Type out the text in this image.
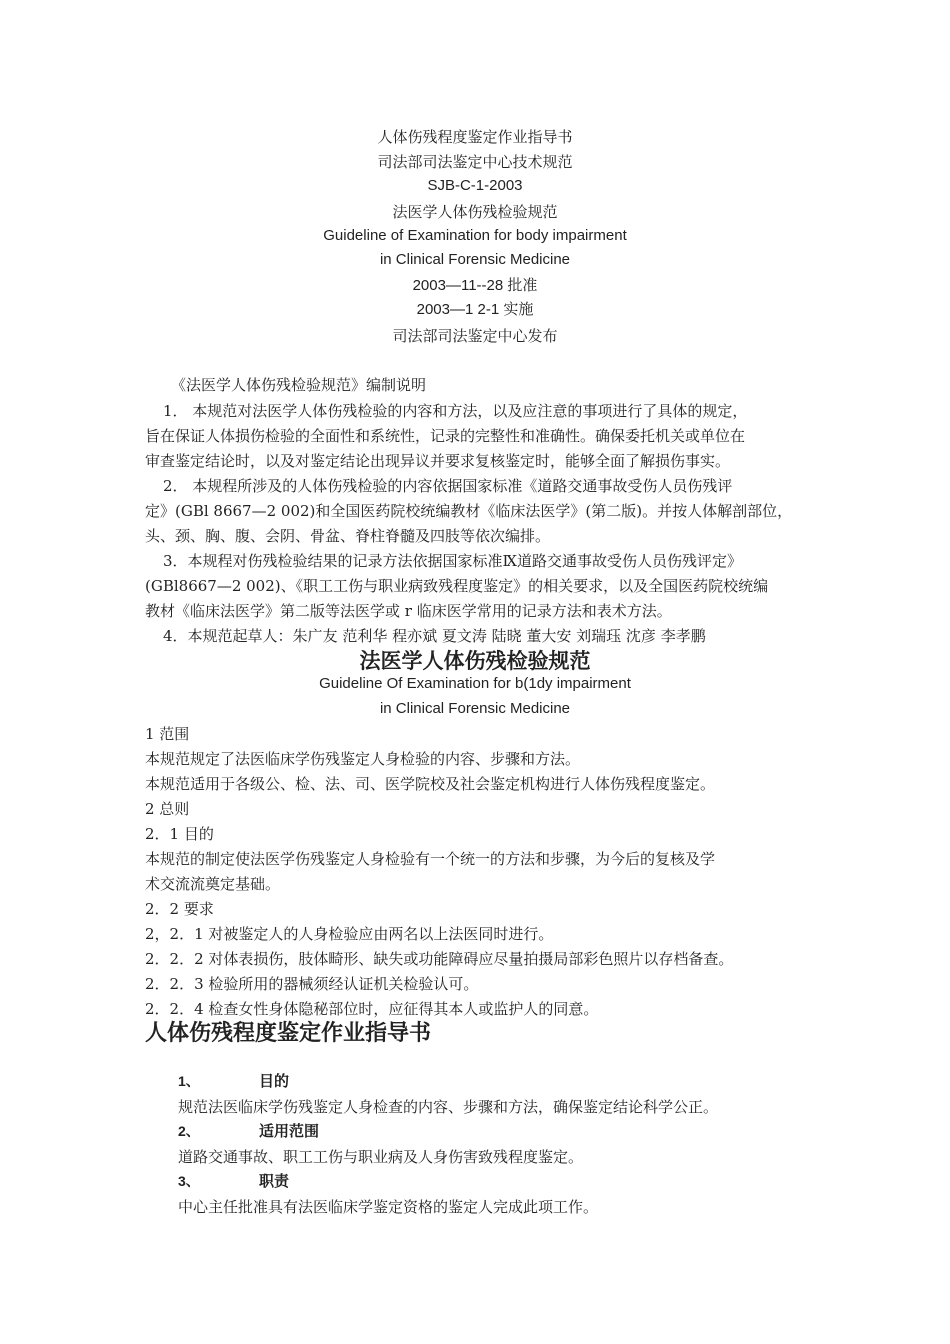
人体伤残程度鉴定作业指导书
司法部司法鉴定中心技术规范
SJB-C-1-2003
法医学人体伤残检验规范
Guideline of Examination for body impairment
in Clinical Forensic Medicine
2003—11--28 批准
2003—1 2-1 实施
司法部司法鉴定中心发布
《法医学人体伤残检验规范》编制说明
1． 本规范对法医学人体伤残检验的内容和方法，以及应注意的事项进行了具体的规定，
旨在保证人体损伤检验的全面性和系统性，记录的完整性和准确性。确保委托机关或单位在
审查鉴定结论时，以及对鉴定结论出现异议并要求复核鉴定时，能够全面了解损伤事实。
2． 本规程所涉及的人体伤残检验的内容依据国家标准《道路交通事故受伤人员伤残评
定》(GBl 8667—2 002)和全国医药院校统编教材《临床法医学》(第二版)。并按人体解剖部位，
头、颈、胸、腹、会阴、骨盆、脊柱脊髓及四肢等依次编排。
3．本规程对伤残检验结果的记录方法依据国家标准Ⅸ道路交通事故受伤人员伤残评定》
(GBl8667—2 002)、《职工工伤与职业病致残程度鉴定》的相关要求，以及全国医药院校统编
教材《临床法医学》第二版等法医学或 r 临床医学常用的记录方法和表术方法。
4．本规范起草人：朱广友 范利华 程亦斌 夏文涛 陆晓 董大安 刘瑞珏 沈彦 李孝鹏
法医学人体伤残检验规范
Guideline Of Examination for b(1dy impairment
in Clinical Forensic Medicine
1 范围
本规范规定了法医临床学伤残鉴定人身检验的内容、步骤和方法。
本规范适用于各级公、检、法、司、医学院校及社会鉴定机构进行人体伤残程度鉴定。
2 总则
2．1 目的
本规范的制定使法医学伤残鉴定人身检验有一个统一的方法和步骤，为今后的复核及学
术交流流奠定基础。
2．2 要求
2，2．1 对被鉴定人的人身检验应由两名以上法医同时进行。
2．2．2 对体表损伤，肢体畸形、缺失或功能障碍应尽量拍摄局部彩色照片以存档备查。
2．2．3 检验所用的器械须经认证机关检验认可。
2．2．4 检查女性身体隐秘部位时，应征得其本人或监护人的同意。
人体伤残程度鉴定作业指导书
1、	目的
规范法医临床学伤残鉴定人身检查的内容、步骤和方法，确保鉴定结论科学公正。
2、	适用范围
道路交通事故、职工工伤与职业病及人身伤害致残程度鉴定。
3、	职责
中心主任批准具有法医临床学鉴定资格的鉴定人完成此项工作。
